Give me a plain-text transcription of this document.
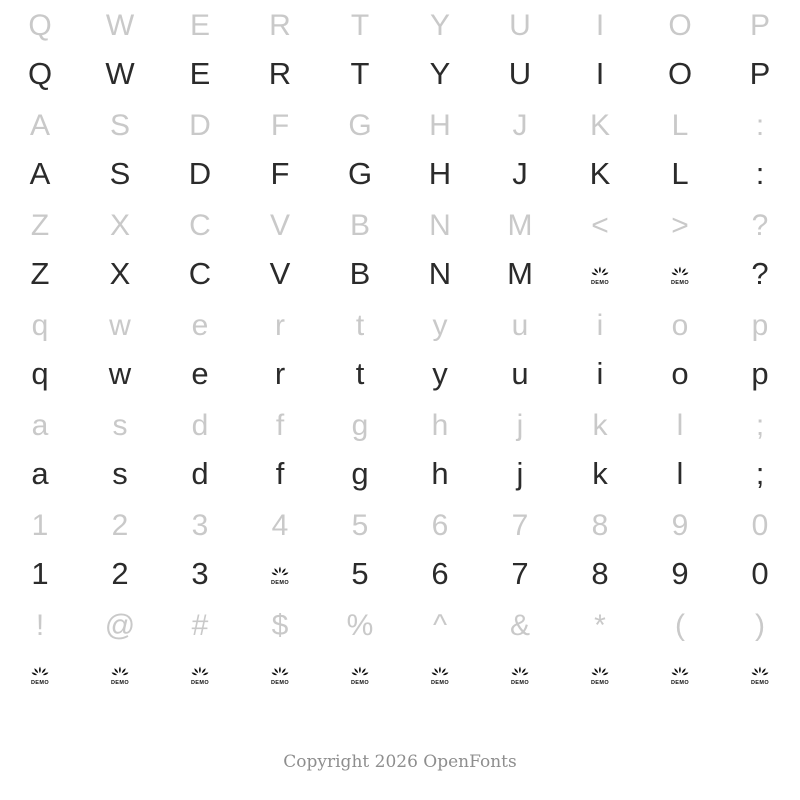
Q
Q
W
W
E
E
R
R
T
T
Y
Y
U
U
I
I
O
O
P
P
A
A
S
S
D
D
F
F
G
G
H
H
J
J
K
K
L
L
:
:
Z
Z
X
X
C
C
V
V
B
B
N
N
M
M
<
DEMO
>
DEMO
?
?
q
q
w
w
e
e
r
r
t
t
y
y
u
u
i
i
o
o
p
p
a
a
s
s
d
d
f
f
g
g
h
h
j
j
k
k
l
l
;
;
1
1
2
2
3
3
4
DEMO
5
5
6
6
7
7
8
8
9
9
0
0
!
DEMO
@
DEMO
#
DEMO
$
DEMO
%
DEMO
^
DEMO
&
DEMO
*
DEMO
(
DEMO
)
DEMO
Copyright 2026 OpenFonts
